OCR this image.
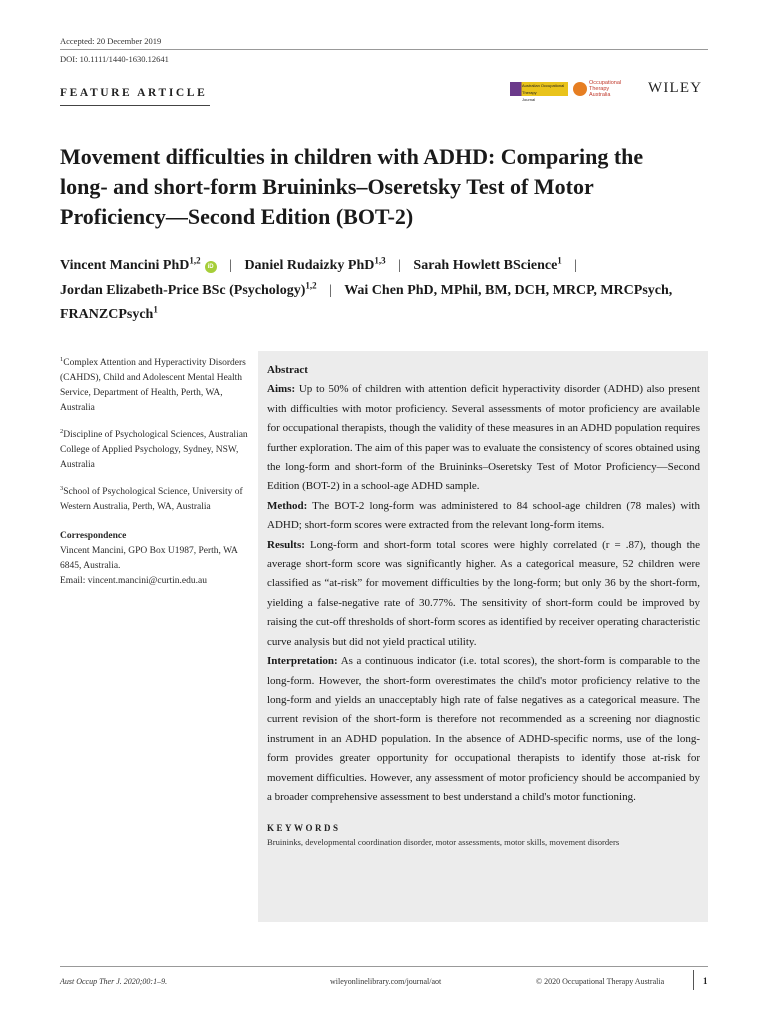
Accepted: 20 December 2019
DOI: 10.1111/1440-1630.12641
FEATURE ARTICLE
Australian Occupational Therapy
Journal
Occupational
Therapy
Australia	WILEY
Movement difficulties in children with ADHD: Comparing the long- and short-form Bruininks–Oseretsky Test of Motor Proficiency—Second Edition (BOT-2)
Vincent Mancini PhD$^{1,2}$iD | Daniel Rudaizky PhD$^{1,3}$ | Sarah Howlett BScience$^1$ |
Jordan Elizabeth-Price BSc (Psychology)$^{1,2}$ | Wai Chen PhD, MPhil, BM, DCH, MRCP, MRCPsych, FRANZCPsych$^1$
$^1$Complex Attention and Hyperactivity Disorders (CAHDS), Child and Adolescent Mental Health Service, Department of Health, Perth, WA, Australia
$^2$Discipline of Psychological Sciences, Australian College of Applied Psychology, Sydney, NSW, Australia
$^3$School of Psychological Science, University of Western Australia, Perth, WA, Australia
Correspondence
Vincent Mancini, GPO Box U1987, Perth, WA 6845, Australia.
Email: vincent.mancini@curtin.edu.au

Abstract

Aims: Up to 50% of children with attention deficit hyperactivity disorder (ADHD) also present with difficulties with motor proficiency. Several assessments of motor proficiency are available for occupational therapists, though the validity of these measures in an ADHD population requires further exploration. The aim of this paper was to evaluate the consistency of scores obtained using the long-form and short-form of the Bruininks–Oseretsky Test of Motor Proficiency—Second Edition (BOT-2) in a school-age ADHD sample.

Method: The BOT-2 long-form was administered to 84 school-age children (78 males) with ADHD; short-form scores were extracted from the relevant long-form items.

Results: Long-form and short-form total scores were highly correlated (r = .87), though the average short-form score was significantly higher. As a categorical measure, 52 children were classified as “at-risk” for movement difficulties by the long-form; but only 36 by the short-form, yielding a false-negative rate of 30.77%. The sensitivity of short-form could be improved by raising the cut-off thresholds of short-form scores as identified by receiver operating characteristic curve analysis but did not yield practical utility.

Interpretation: As a continuous indicator (i.e. total scores), the short-form is comparable to the long-form. However, the short-form overestimates the child's motor proficiency relative to the long-form and yields an unacceptably high rate of false negatives as a categorical measure. The current revision of the short-form is therefore not recommended as a screening nor diagnostic instrument in an ADHD population. In the absence of ADHD-specific norms, use of the long-form provides greater opportunity for occupational therapists to identify those at-risk for movement difficulties. However, any assessment of motor proficiency should be accompanied by a broader comprehensive assessment to best understand a child's motor functioning.

KEYWORDS
Bruininks, developmental coordination disorder, motor assessments, motor skills, movement disorders
Aust Occup Ther J. 2020;00:1–9.	wileyonlinelibrary.com/journal/aot	© 2020 Occupational Therapy Australia	1
